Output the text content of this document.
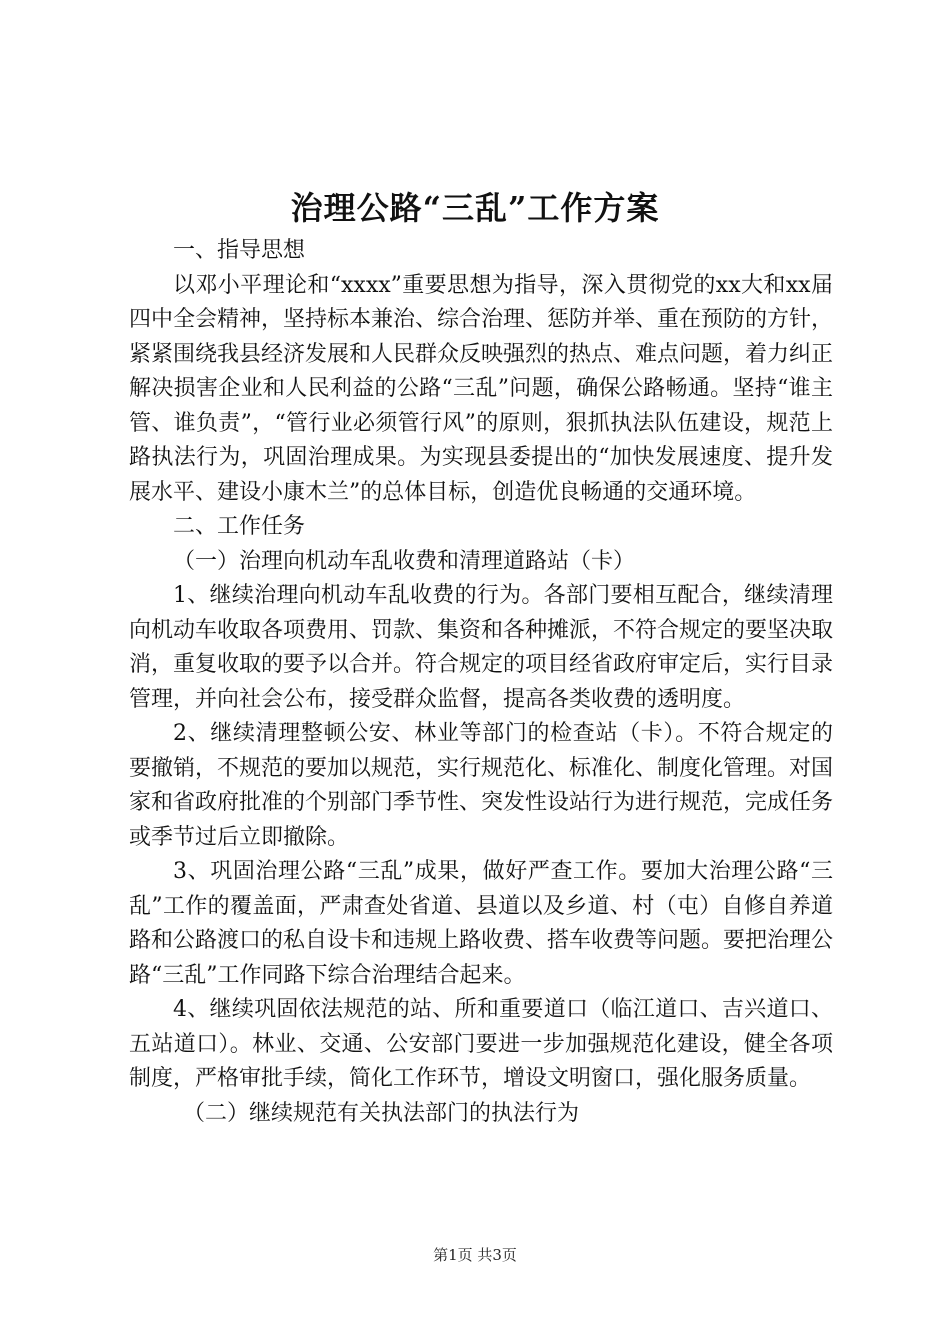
治理公路“三乱”工作方案

一、指导思想

以邓小平理论和“xxxx”重要思想为指导，深入贯彻党的xx大和xx届四中全会精神，坚持标本兼治、综合治理、惩防并举、重在预防的方针，紧紧围绕我县经济发展和人民群众反映强烈的热点、难点问题，着力纠正解决损害企业和人民利益的公路“三乱”问题，确保公路畅通。坚持“谁主管、谁负责”，“管行业必须管行风”的原则，狠抓执法队伍建设，规范上路执法行为，巩固治理成果。为实现县委提出的“加快发展速度、提升发展水平、建设小康木兰”的总体目标，创造优良畅通的交通环境。

二、工作任务

（一）治理向机动车乱收费和清理道路站（卡）

1、继续治理向机动车乱收费的行为。各部门要相互配合，继续清理向机动车收取各项费用、罚款、集资和各种摊派，不符合规定的要坚决取消，重复收取的要予以合并。符合规定的项目经省政府审定后，实行目录管理，并向社会公布，接受群众监督，提高各类收费的透明度。

2、继续清理整顿公安、林业等部门的检查站（卡）。不符合规定的要撤销，不规范的要加以规范，实行规范化、标准化、制度化管理。对国家和省政府批准的个别部门季节性、突发性设站行为进行规范，完成任务或季节过后立即撤除。

3、巩固治理公路“三乱”成果，做好严查工作。要加大治理公路“三乱”工作的覆盖面，严肃查处省道、县道以及乡道、村（屯）自修自养道路和公路渡口的私自设卡和违规上路收费、搭车收费等问题。要把治理公路“三乱”工作同路下综合治理结合起来。

4、继续巩固依法规范的站、所和重要道口（临江道口、吉兴道口、五站道口）。林业、交通、公安部门要进一步加强规范化建设，健全各项制度，严格审批手续，简化工作环节，增设文明窗口，强化服务质量。

（二）继续规范有关执法部门的执法行为

第1页 共3页
